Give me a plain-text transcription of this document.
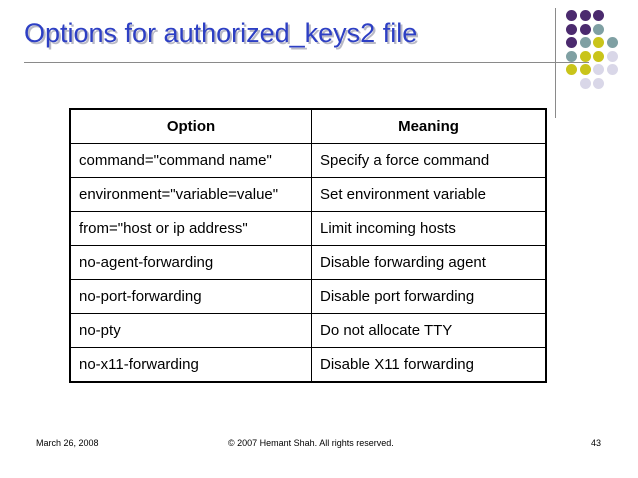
Options for authorized_keys2 file
Option	Meaning
command="command name"	Specify a force command
environment="variable=value"	Set environment variable
from="host or ip address"	Limit incoming hosts
no-agent-forwarding	Disable forwarding agent
no-port-forwarding	Disable port forwarding
no-pty	Do not allocate TTY
no-x11-forwarding	Disable X11 forwarding
March 26, 2008	© 2007 Hemant Shah. All rights reserved.	43
